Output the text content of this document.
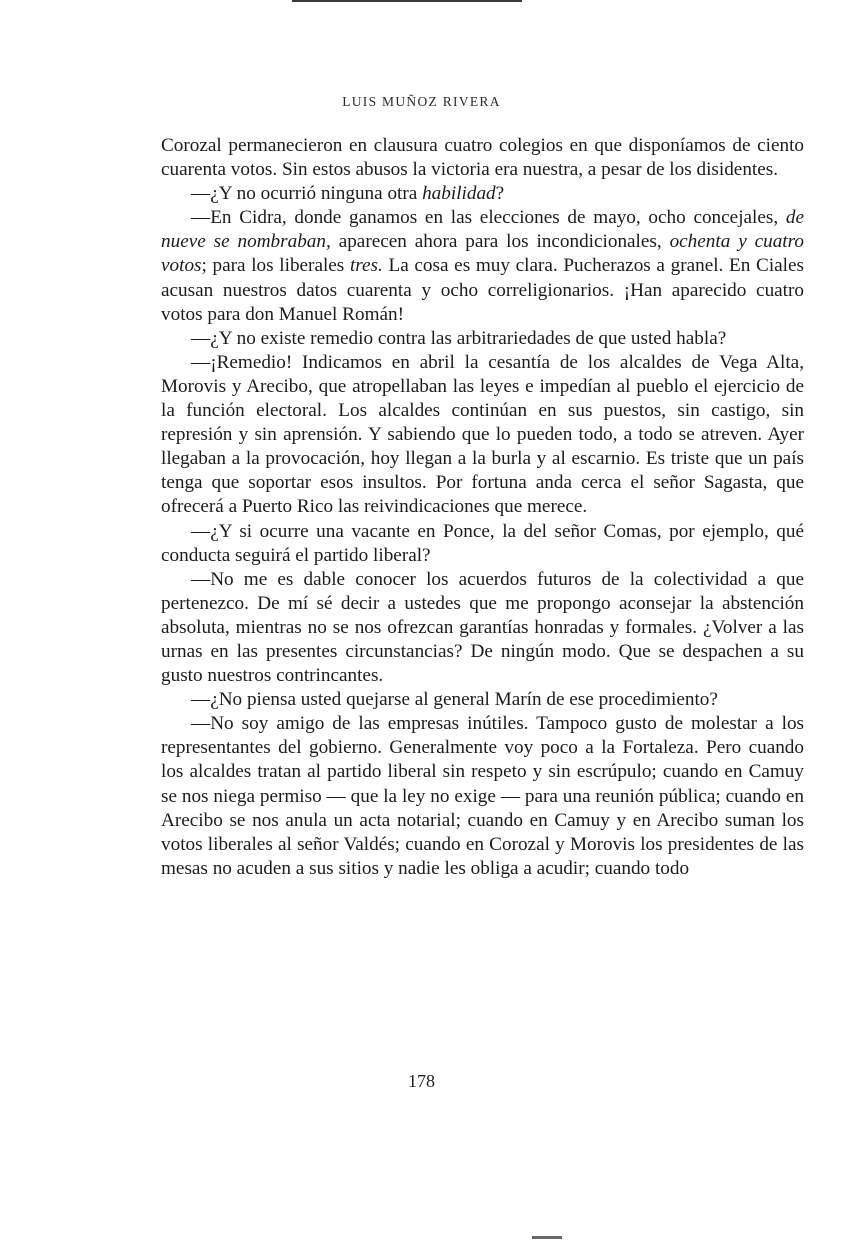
LUIS MUÑOZ RIVERA

Corozal permanecieron en clausura cuatro colegios en que disponíamos de ciento cuarenta votos. Sin estos abusos la victoria era nuestra, a pesar de los disidentes.

—¿Y no ocurrió ninguna otra habilidad?

—En Cidra, donde ganamos en las elecciones de mayo, ocho concejales, de nueve se nombraban, aparecen ahora para los incondicionales, ochenta y cuatro votos; para los liberales tres. La cosa es muy clara. Pucherazos a granel. En Ciales acusan nuestros datos cuarenta y ocho correligionarios. ¡Han aparecido cuatro votos para don Manuel Román!

—¿Y no existe remedio contra las arbitrariedades de que usted habla?

—¡Remedio! Indicamos en abril la cesantía de los alcaldes de Vega Alta, Morovis y Arecibo, que atropellaban las leyes e impedían al pueblo el ejercicio de la función electoral. Los alcaldes continúan en sus puestos, sin castigo, sin represión y sin aprensión. Y sabiendo que lo pueden todo, a todo se atreven. Ayer llegaban a la provocación, hoy llegan a la burla y al escarnio. Es triste que un país tenga que soportar esos insultos. Por fortuna anda cerca el señor Sagasta, que ofrecerá a Puerto Rico las reivindicaciones que merece.

—¿Y si ocurre una vacante en Ponce, la del señor Comas, por ejemplo, qué conducta seguirá el partido liberal?

—No me es dable conocer los acuerdos futuros de la colectividad a que pertenezco. De mí sé decir a ustedes que me propongo aconsejar la abstención absoluta, mientras no se nos ofrezcan garantías honradas y formales. ¿Volver a las urnas en las presentes circunstancias? De ningún modo. Que se despachen a su gusto nuestros contrincantes.

—¿No piensa usted quejarse al general Marín de ese procedimiento?

—No soy amigo de las empresas inútiles. Tampoco gusto de molestar a los representantes del gobierno. Generalmente voy poco a la Fortaleza. Pero cuando los alcaldes tratan al partido liberal sin respeto y sin escrúpulo; cuando en Camuy se nos niega permiso — que la ley no exige — para una reunión pública; cuando en Arecibo se nos anula un acta notarial; cuando en Camuy y en Arecibo suman los votos liberales al señor Valdés; cuando en Corozal y Morovis los presidentes de las mesas no acuden a sus sitios y nadie les obliga a acudir; cuando todo

178
